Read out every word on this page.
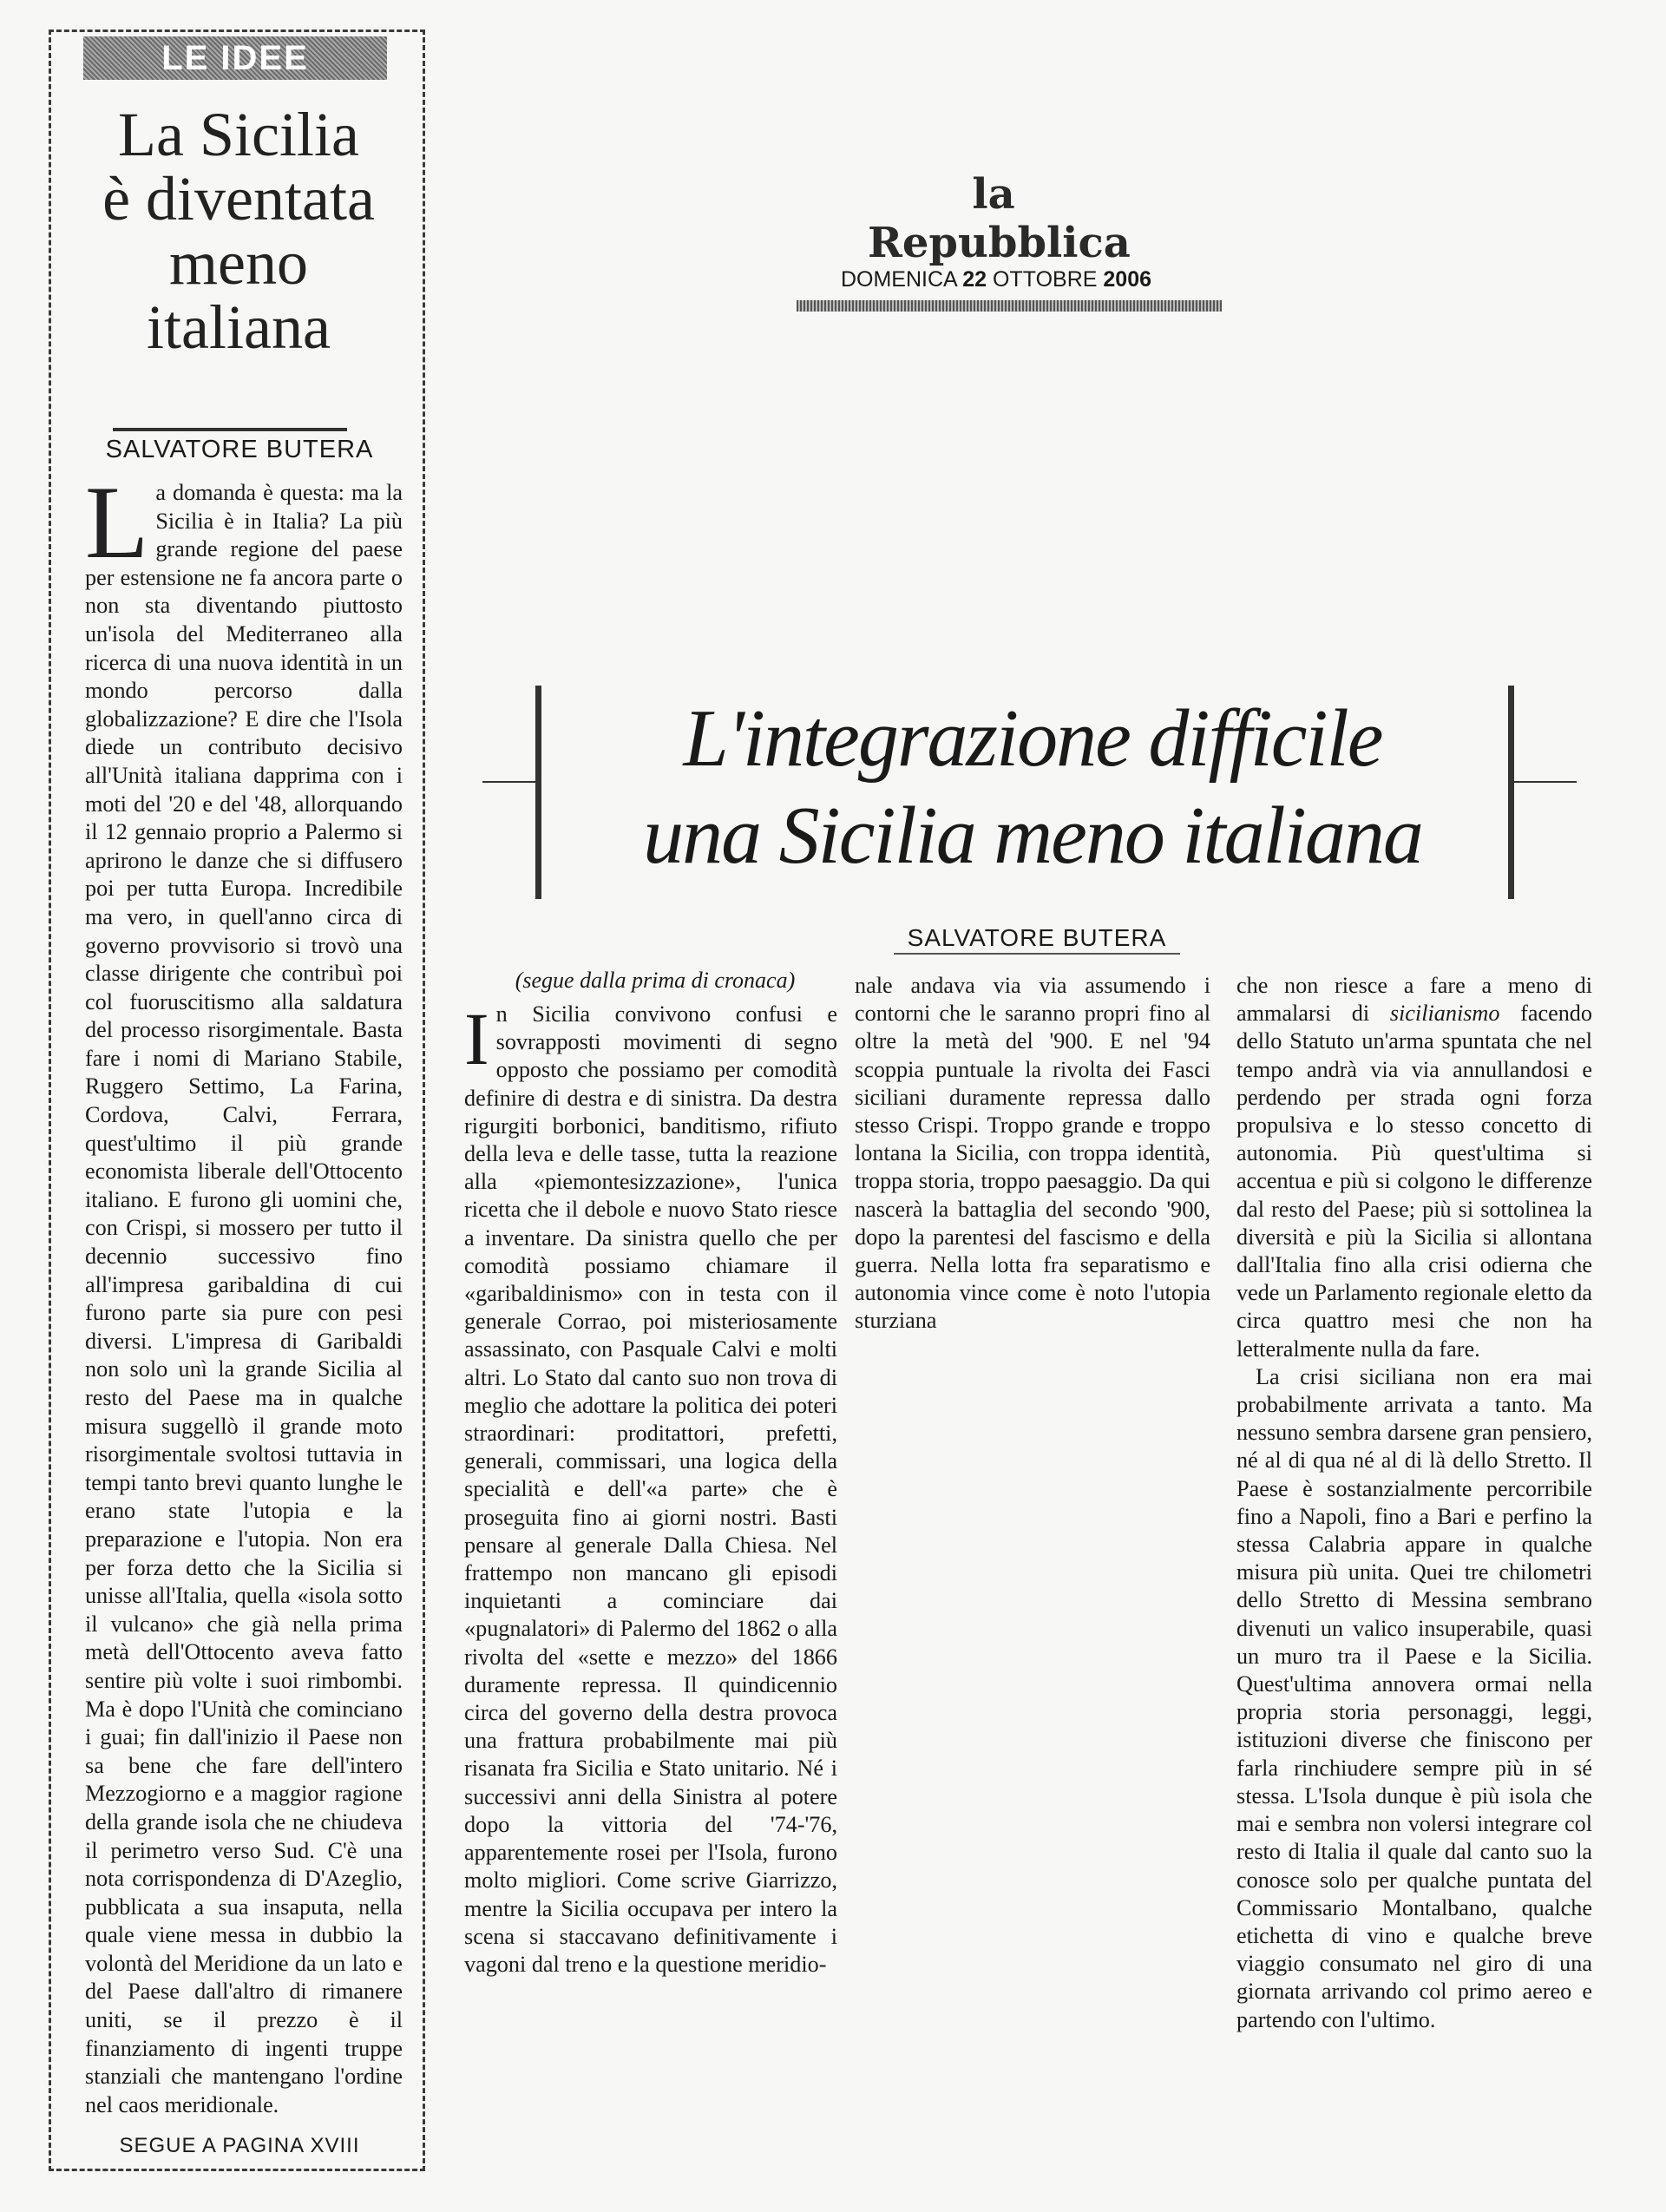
LE IDEE
La Sicilia
è diventata
meno
italiana
SALVATORE BUTERA
La domanda è questa: ma la Sicilia è in Italia? La più grande regione del paese per estensione ne fa ancora parte o non sta diventando piuttosto un'isola del Mediterraneo alla ricerca di una nuova identità in un mondo percorso dalla globalizzazione? E dire che l'Isola diede un contributo decisivo all'Unità italiana dapprima con i moti del '20 e del '48, allorquando il 12 gennaio proprio a Palermo si aprirono le danze che si diffusero poi per tutta Europa. Incredibile ma vero, in quell'anno circa di governo provvisorio si trovò una classe dirigente che contribuì poi col fuoruscitismo alla saldatura del processo risorgimentale. Basta fare i nomi di Mariano Stabile, Ruggero Settimo, La Farina, Cordova, Calvi, Ferrara, quest'ultimo il più grande economista liberale dell'Ottocento italiano. E furono gli uomini che, con Crispi, si mossero per tutto il decennio successivo fino all'impresa garibaldina di cui furono parte sia pure con pesi diversi. L'impresa di Garibaldi non solo unì la grande Sicilia al resto del Paese ma in qualche misura suggellò il grande moto risorgimentale svoltosi tuttavia in tempi tanto brevi quanto lunghe le erano state l'utopia e la preparazione e l'utopia. Non era per forza detto che la Sicilia si unisse all'Italia, quella «isola sotto il vulcano» che già nella prima metà dell'Ottocento aveva fatto sentire più volte i suoi rimbombi. Ma è dopo l'Unità che cominciano i guai; fin dall'inizio il Paese non sa bene che fare dell'intero Mezzogiorno e a maggior ragione della grande isola che ne chiudeva il perimetro verso Sud. C'è una nota corrispondenza di D'Azeglio, pubblicata a sua insaputa, nella quale viene messa in dubbio la volontà del Meridione da un lato e del Paese dall'altro di rimanere uniti, se il prezzo è il finanziamento di ingenti truppe stanziali che mantengano l'ordine nel caos meridionale.
SEGUE A PAGINA XVIII
la Repubblica
DOMENICA 22 OTTOBRE 2006
L'integrazione difficile
una Sicilia meno italiana
SALVATORE BUTERA
(segue dalla prima di cronaca)
In Sicilia convivono confusi e sovrapposti movimenti di segno opposto che possiamo per comodità definire di destra e di sinistra. Da destra rigurgiti borbonici, banditismo, rifiuto della leva e delle tasse, tutta la reazione alla «piemontesizzazione», l'unica ricetta che il debole e nuovo Stato riesce a inventare. Da sinistra quello che per comodità possiamo chiamare il «garibaldinismo» con in testa con il generale Corrao, poi misteriosamente assassinato, con Pasquale Calvi e molti altri. Lo Stato dal canto suo non trova di meglio che adottare la politica dei poteri straordinari: proditattori, prefetti, generali, commissari, una logica della specialità e dell'«a parte» che è proseguita fino ai giorni nostri. Basti pensare al generale Dalla Chiesa. Nel frattempo non mancano gli episodi inquietanti a cominciare dai «pugnalatori» di Palermo del 1862 o alla rivolta del «sette e mezzo» del 1866 duramente repressa. Il quindicennio circa del governo della destra provoca una frattura probabilmente mai più risanata fra Sicilia e Stato unitario. Né i successivi anni della Sinistra al potere dopo la vittoria del '74-'76, apparentemente rosei per l'Isola, furono molto migliori. Come scrive Giarrizzo, mentre la Sicilia occupava per intero la scena si staccavano definitivamente i vagoni dal treno e la questione meridio-
nale andava via via assumendo i contorni che le saranno propri fino al oltre la metà del '900. E nel '94 scoppia puntuale la rivolta dei Fasci siciliani duramente repressa dallo stesso Crispi. Troppo grande e troppo lontana la Sicilia, con troppa identità, troppa storia, troppo paesaggio. Da qui nascerà la battaglia del secondo '900, dopo la parentesi del fascismo e della guerra. Nella lotta fra separatismo e autonomia vince come è noto l'utopia sturziana

che non riesce a fare a meno di ammalarsi di sicilianismo facendo dello Statuto un'arma spuntata che nel tempo andrà via via annullandosi e perdendo per strada ogni forza propulsiva e lo stesso concetto di autonomia. Più quest'ultima si accentua e più si colgono le differenze dal resto del Paese; più si sottolinea la diversità e più la Sicilia si allontana dall'Italia fino alla crisi odierna che vede un Parlamento regionale eletto da circa quattro mesi che non ha letteralmente nulla da fare.

La crisi siciliana non era mai probabilmente arrivata a tanto. Ma nessuno sembra darsene gran pensiero, né al di qua né al di là dello Stretto. Il Paese è sostanzialmente percorribile fino a Napoli, fino a Bari e perfino la stessa Calabria appare in qualche misura più unita. Quei tre chilometri dello Stretto di Messina sembrano divenuti un valico insuperabile, quasi un muro tra il Paese e la Sicilia. Quest'ultima annovera ormai nella propria storia personaggi, leggi, istituzioni diverse che finiscono per farla rinchiudere sempre più in sé stessa. L'Isola dunque è più isola che mai e sembra non volersi integrare col resto di Italia il quale dal canto suo la conosce solo per qualche puntata del Commissario Montalbano, qualche etichetta di vino e qualche breve viaggio consumato nel giro di una giornata arrivando col primo aereo e partendo con l'ultimo.
